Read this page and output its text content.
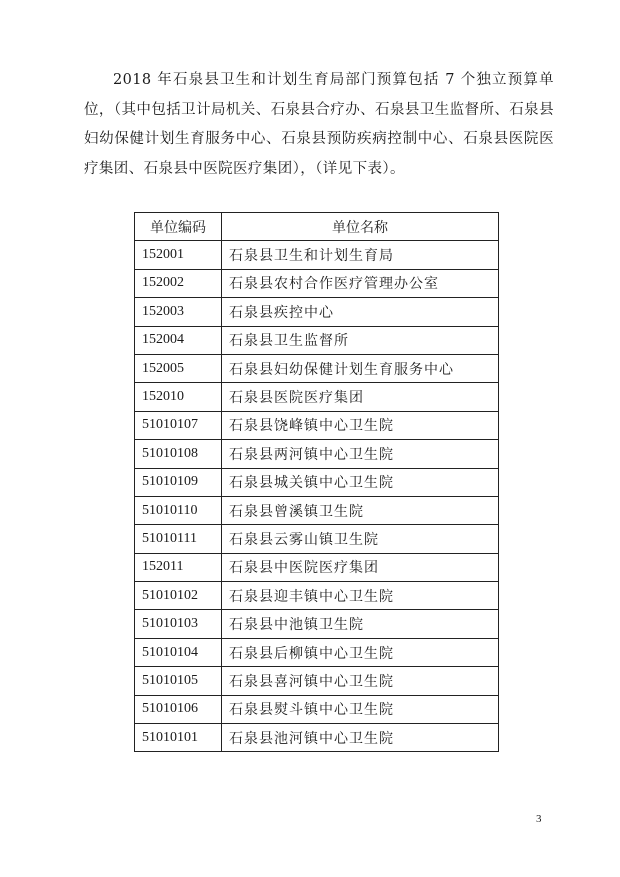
2018 年石泉县卫生和计划生育局部门预算包括 7 个独立预算单位，（其中包括卫计局机关、石泉县合疗办、石泉县卫生监督所、石泉县妇幼保健计划生育服务中心、石泉县预防疾病控制中心、石泉县医院医疗集团、石泉县中医院医疗集团），（详见下表）。

单位编码	单位名称
152001	石泉县卫生和计划生育局
152002	石泉县农村合作医疗管理办公室
152003	石泉县疾控中心
152004	石泉县卫生监督所
152005	石泉县妇幼保健计划生育服务中心
152010	石泉县医院医疗集团
51010107	石泉县饶峰镇中心卫生院
51010108	石泉县两河镇中心卫生院
51010109	石泉县城关镇中心卫生院
51010110	石泉县曾溪镇卫生院
51010111	石泉县云雾山镇卫生院
152011	石泉县中医院医疗集团
51010102	石泉县迎丰镇中心卫生院
51010103	石泉县中池镇卫生院
51010104	石泉县后柳镇中心卫生院
51010105	石泉县喜河镇中心卫生院
51010106	石泉县熨斗镇中心卫生院
51010101	石泉县池河镇中心卫生院
3
